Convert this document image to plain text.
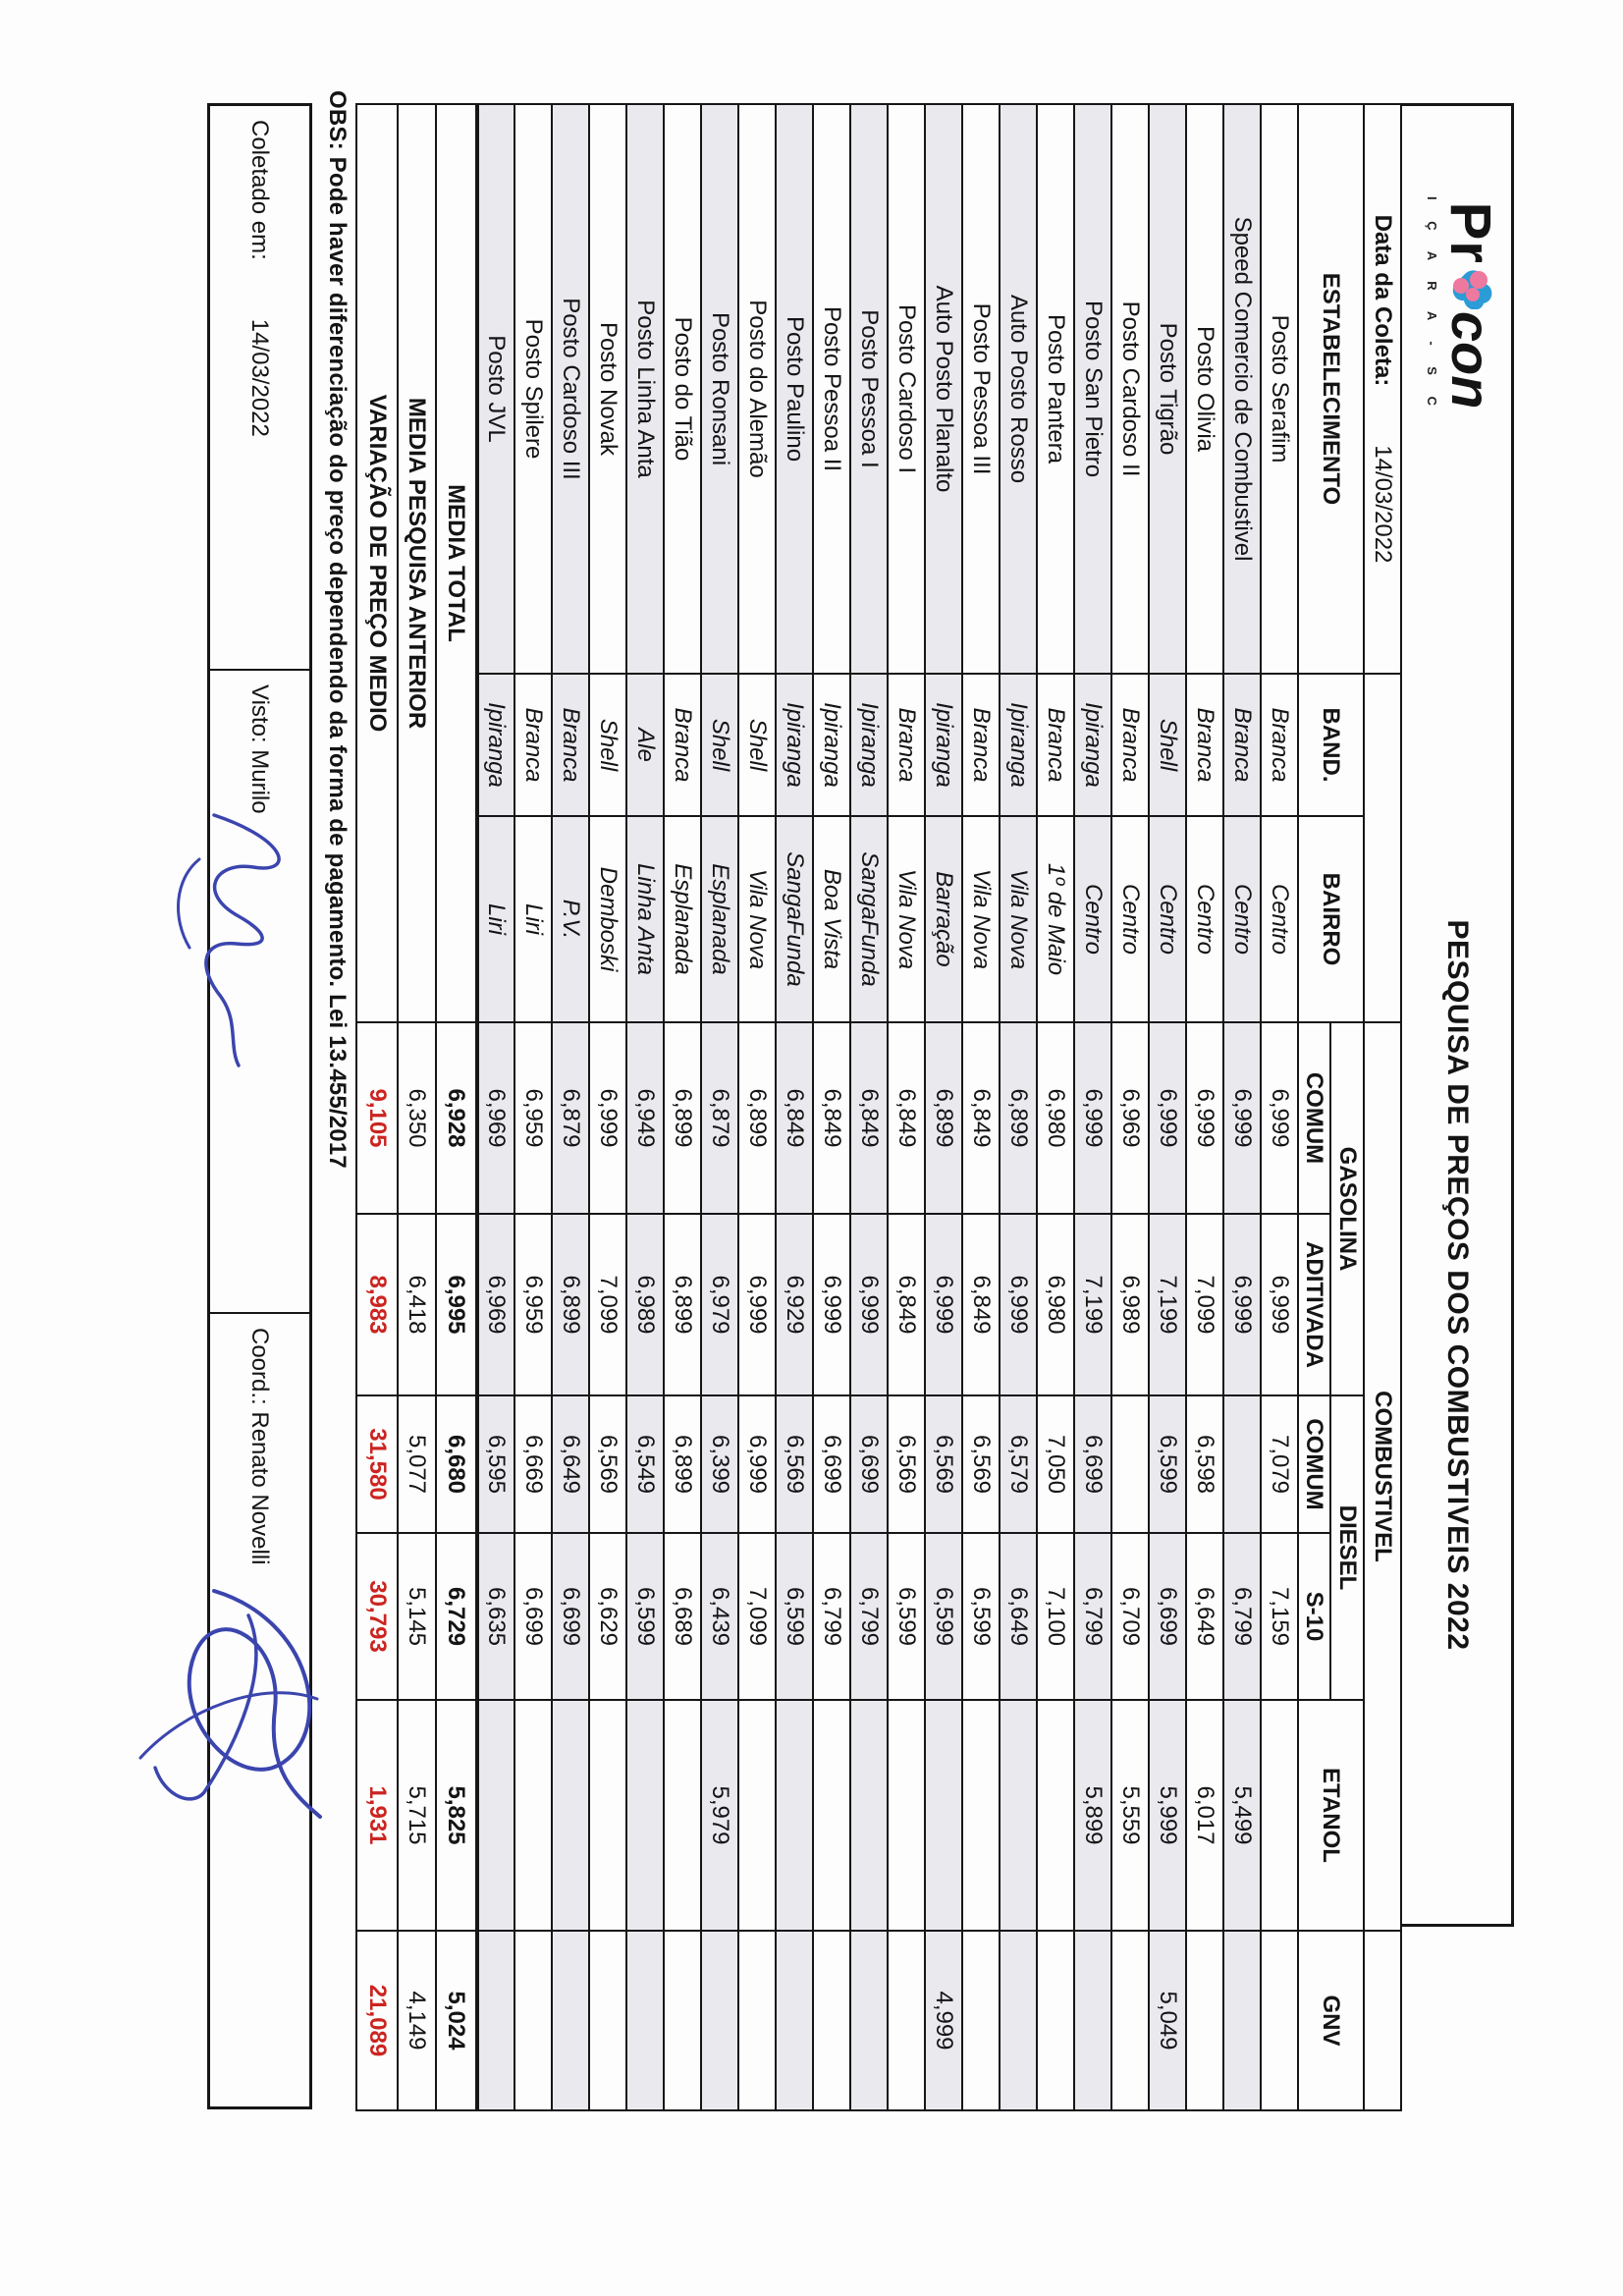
Pr
con
I Ç A R A - S C
PESQUISA DE PREÇOS DOS COMBUSTIVEIS 2022
Data da Coleta:14/03/2022			COMBUSTIVEL					
ESTABELECIMENTO	BAND.	BAIRRO	GASOLINA		DIESEL		ETANOL	GNV
			COMUM	ADITIVADA	COMUM	S-10		
Posto Serafim	Branca	Centro	6,999	6,999	7,079	7,159		
Speed Comercio de Combustivel	Branca	Centro	6,999	6,999		6,799	5,499	
Posto Olivia	Branca	Centro	6,999	7,099	6,598	6,649	6,017	
Posto Tigrão	Shell	Centro	6,999	7,199	6,599	6,699	5,999	5,049
Posto Cardoso II	Branca	Centro	6,969	6,989		6,709	5,559	
Posto San Pietro	Ipiranga	Centro	6,999	7,199	6,699	6,799	5,899	
Posto Pantera	Branca	1º de Maio	6,980	6,980	7,050	7,100		
Auto Posto Rosso	Ipiranga	Vila Nova	6,899	6,999	6,579	6,649		
Posto Pessoa III	Branca	Vila Nova	6,849	6,849	6,569	6,599		
Auto Posto Planalto	Ipiranga	Barração	6,899	6,999	6,569	6,599		4,999
Posto Cardoso I	Branca	Vila Nova	6,849	6,849	6,569	6,599		
Posto Pessoa I	Ipiranga	SangaFunda	6,849	6,999	6,699	6,799		
Posto Pessoa II	Ipiranga	Boa Vista	6,849	6,999	6,699	6,799		
Posto Paulino	Ipiranga	SangaFunda	6,849	6,929	6,569	6,599		
Posto do Alemão	Shell	Vila Nova	6,899	6,999	6,999	7,099		
Posto Ronsani	Shell	Esplanada	6,879	6,979	6,399	6,439	5,979	
Posto do Tião	Branca	Esplanada	6,899	6,899	6,899	6,689		
Posto Linha Anta	Ale	Linha Anta	6,949	6,989	6,549	6,599		
Posto Novak	Shell	Demboski	6,999	7,099	6,569	6,629		
Posto Cardoso III	Branca	P.V.	6,879	6,899	6,649	6,699		
Posto Spilere	Branca	Liri	6,959	6,959	6,669	6,699		
Posto JVL	Ipiranga	Liri	6,969	6,969	6,595	6,635		
MEDIA TOTAL			6,928	6,995	6,680	6,729	5,825	5,024
MEDIA PESQUISA ANTERIOR			6,350	6,418	5,077	5,145	5,715	4,149
VARIAÇÃO DE PREÇO MEDIO			9,105	8,983	31,580	30,793	1,931	21,089
OBS: Pode haver diferenciação do preço dependendo da forma de pagamento. Lei 13.455/2017
Coletado em:
14/03/2022
Visto: Murilo
Coord.: Renato Novelli
